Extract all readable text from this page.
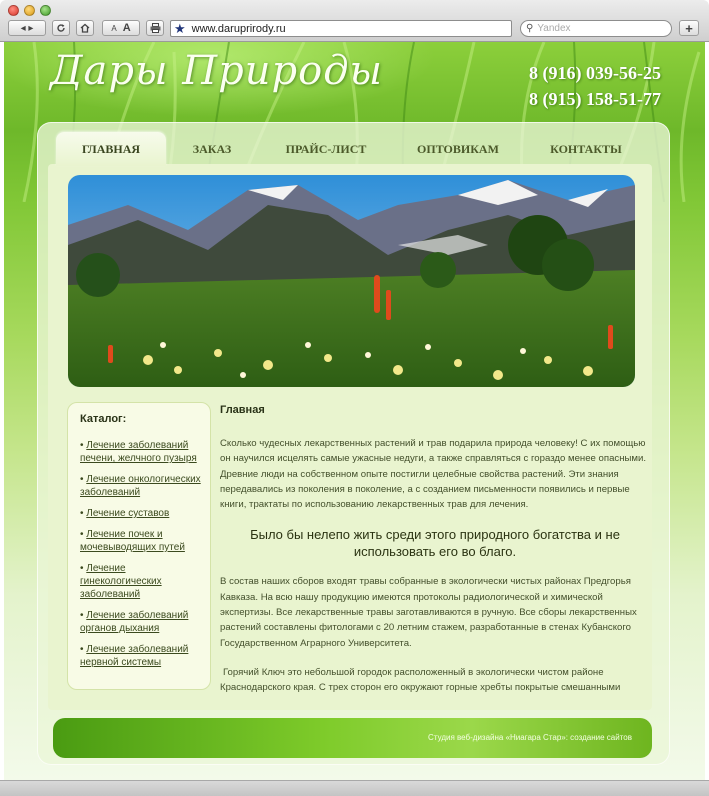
◂ ▸	A A	★ www.daruprirody.ru	⚲ Yandex	+
Дары Природы	8 (916) 039-56-25
8 (915) 158-51-77
ГЛАВНАЯ	ЗАКАЗ	ПРАЙС-ЛИСТ	ОПТОВИКАМ	КОНТАКТЫ
Каталог:
• Лечение заболеваний печени, желчного пузыря
• Лечение онкологических заболеваний
• Лечение суставов
• Лечение почек и мочевыводящих путей
• Лечение гинекологических заболеваний
• Лечение заболеваний органов дыхания
• Лечение заболеваний нервной системы
Главная

Сколько чудесных лекарственных растений и трав подарила природа человеку! С их помощью он научился исцелять самые ужасные недуги, а также справляться с гораздо менее опасными. Древние люди на собственном опыте постигли целебные свойства растений. Эти знания передавались из поколения в поколение, а с созданием письменности появились и первые книги, трактаты по использованию лекарственных трав для лечения.

Было бы нелепо жить среди этого природного богатства и не использовать его во благо.

В состав наших сборов входят травы собранные в экологически чистых районах Предгорья Кавказа. На всю нашу продукцию имеются протоколы радиологической и химической экспертизы. Все лекарственные травы заготавливаются в ручную. Все сборы лекарственных растений составлены фитологами с 20 летним стажем, разработанные в стенах Кубанского Государственном Аграрного Университета.

Горячий Ключ это небольшой городок расположенный в экологически чистом районе Краснодарского края. С трех сторон его окружают горные хребты покрытые смешанными

Студия веб-дизайна «Ниагара Стар»: создание сайтов
